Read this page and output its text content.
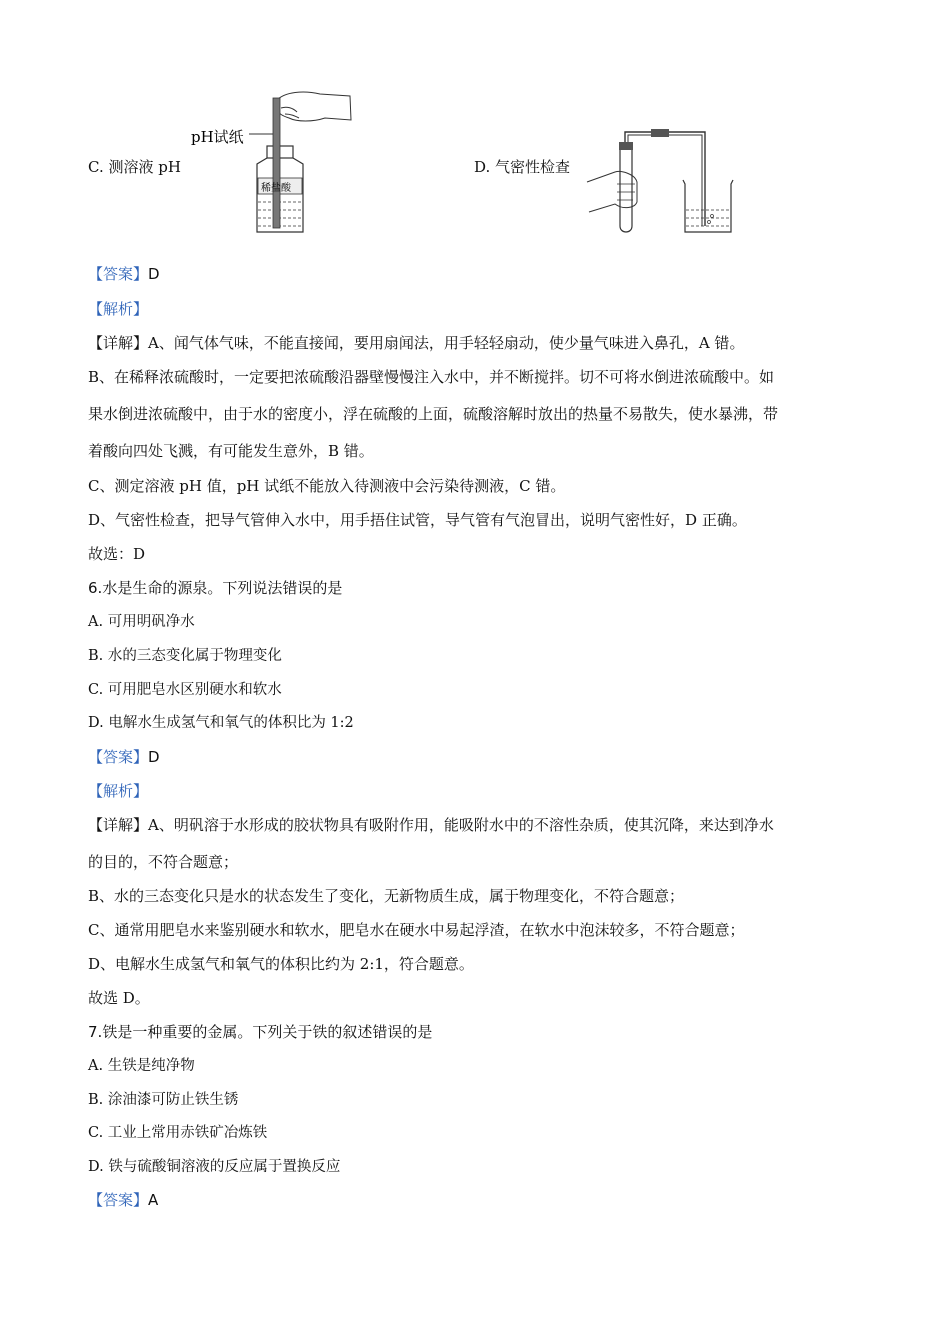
C. 测溶液 pH
pH试纸
稀盐酸
D. 气密性检查
【答案】D
【解析】
【详解】A、闻气体气味，不能直接闻，要用扇闻法，用手轻轻扇动，使少量气味进入鼻孔，A 错。
B、在稀释浓硫酸时，一定要把浓硫酸沿器壁慢慢注入水中，并不断搅拌。切不可将水倒进浓硫酸中。如
果水倒进浓硫酸中，由于水的密度小，浮在硫酸的上面，硫酸溶解时放出的热量不易散失，使水暴沸，带
着酸向四处飞溅，有可能发生意外，B 错。
C、测定溶液 pH 值，pH 试纸不能放入待测液中会污染待测液，C 错。
D、气密性检查，把导气管伸入水中，用手捂住试管，导气管有气泡冒出，说明气密性好，D 正确。
故选：D
6.水是生命的源泉。下列说法错误的是
A. 可用明矾净水
B. 水的三态变化属于物理变化
C. 可用肥皂水区别硬水和软水
D. 电解水生成氢气和氧气的体积比为 1:2
【答案】D
【解析】
【详解】A、明矾溶于水形成的胶状物具有吸附作用，能吸附水中的不溶性杂质，使其沉降，来达到净水
的目的，不符合题意；
B、水的三态变化只是水的状态发生了变化，无新物质生成，属于物理变化，不符合题意；
C、通常用肥皂水来鉴别硬水和软水，肥皂水在硬水中易起浮渣，在软水中泡沫较多，不符合题意；
D、电解水生成氢气和氧气的体积比约为 2:1，符合题意。
故选 D。
7.铁是一种重要的金属。下列关于铁的叙述错误的是
A. 生铁是纯净物
B. 涂油漆可防止铁生锈
C. 工业上常用赤铁矿冶炼铁
D. 铁与硫酸铜溶液的反应属于置换反应
【答案】A
